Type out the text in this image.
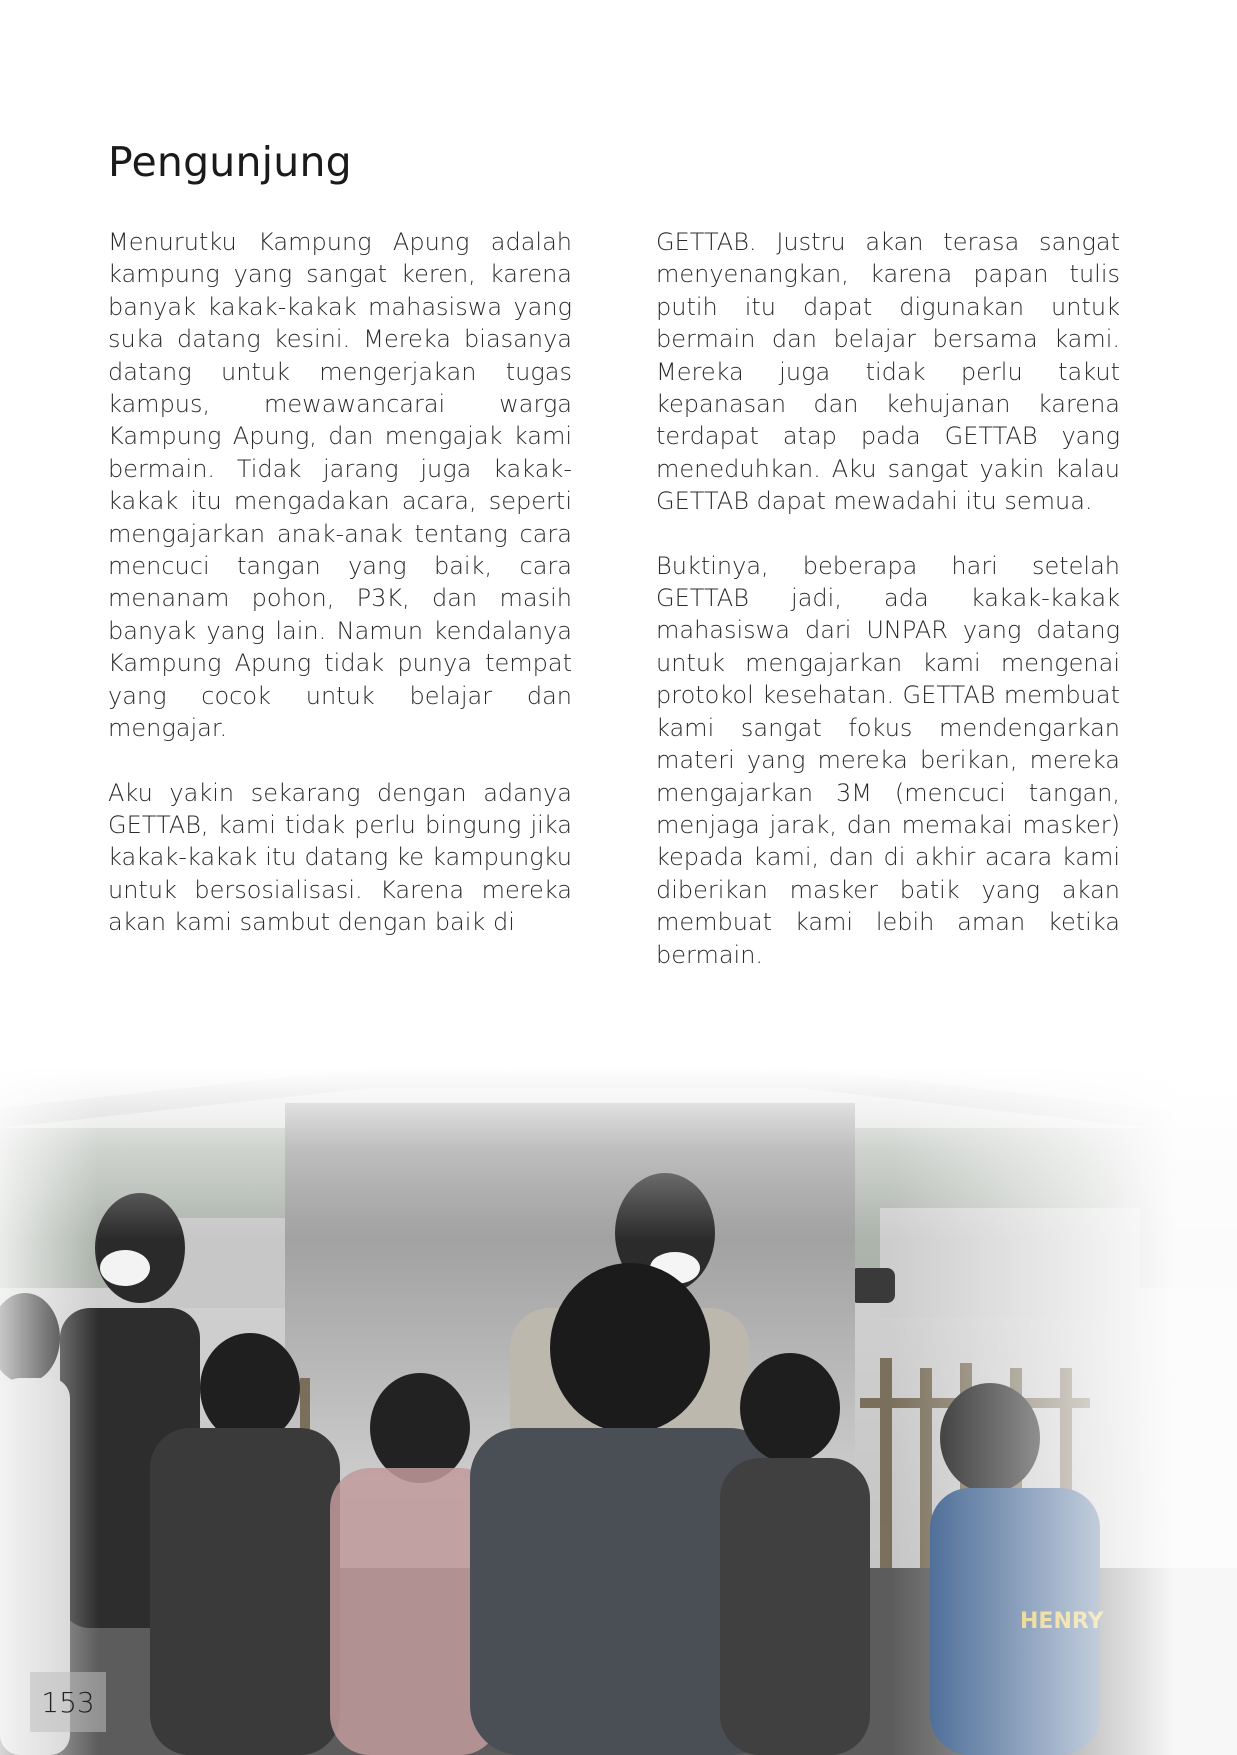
Pengunjung

Menurutku Kampung Apung adalah kampung yang sangat keren, karena banyak kakak-kakak mahasiswa yang suka datang kesini. Mereka biasanya datang untuk mengerjakan tugas kampus, mewawancarai warga Kampung Apung, dan mengajak kami bermain. Tidak jarang juga kakak-kakak itu mengadakan acara, seperti mengajarkan anak-anak tentang cara mencuci tangan yang baik, cara menanam pohon, P3K, dan masih banyak yang lain. Namun kendalanya Kampung Apung tidak punya tempat yang cocok untuk belajar dan mengajar.

Aku yakin sekarang dengan adanya GETTAB, kami tidak perlu bingung jika kakak-kakak itu datang ke kampungku untuk bersosialisasi. Karena mereka akan kami sambut dengan baik di

GETTAB. Justru akan terasa sangat menyenangkan, karena papan tulis putih itu dapat digunakan untuk bermain dan belajar bersama kami. Mereka juga tidak perlu takut kepanasan dan kehujanan karena terdapat atap pada GETTAB yang meneduhkan. Aku sangat yakin kalau GETTAB dapat mewadahi itu semua.

Buktinya, beberapa hari setelah GETTAB jadi, ada kakak-kakak mahasiswa dari UNPAR yang datang untuk mengajarkan kami mengenai protokol kesehatan. GETTAB membuat kami sangat fokus mendengarkan materi yang mereka berikan, mereka mengajarkan 3M (mencuci tangan, menjaga jarak, dan memakai masker) kepada kami, dan di akhir acara kami diberikan masker batik yang akan membuat kami lebih aman ketika bermain.

153
